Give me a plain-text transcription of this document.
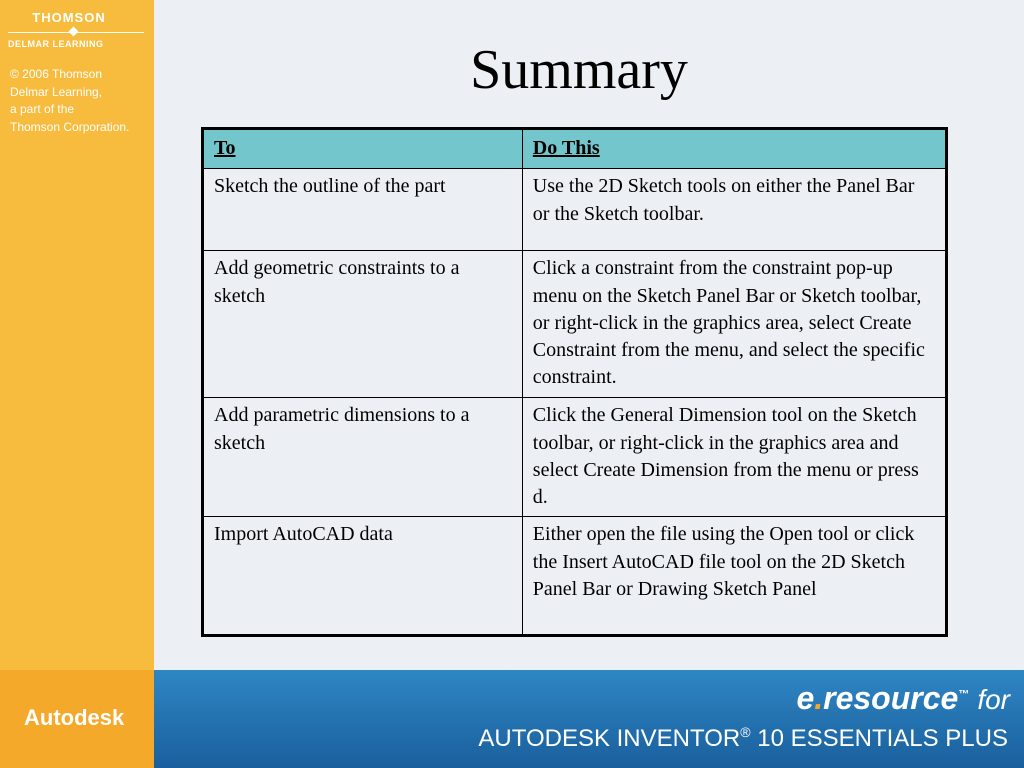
THOMSON
DELMAR LEARNING
© 2006 Thomson
Delmar Learning,
a part of the
Thomson Corporation.
Summary
To	Do This
Sketch the outline of the part	Use the 2D Sketch tools on either the Panel Bar or the Sketch toolbar.
Add geometric constraints to a sketch	Click a constraint from the constraint pop-up menu on the Sketch Panel Bar or Sketch toolbar, or right-click in the graphics area, select Create Constraint from the menu, and select the specific constraint.
Add parametric dimensions to a sketch	Click the General Dimension tool on the Sketch toolbar, or right-click in the graphics area and select Create Dimension from the menu or press d.
Import AutoCAD data	Either open the file using the Open tool or click the Insert AutoCAD file tool on the 2D Sketch Panel Bar or Drawing Sketch Panel
Autodesk
e.resource™ for
AUTODESK INVENTOR® 10 ESSENTIALS PLUS
